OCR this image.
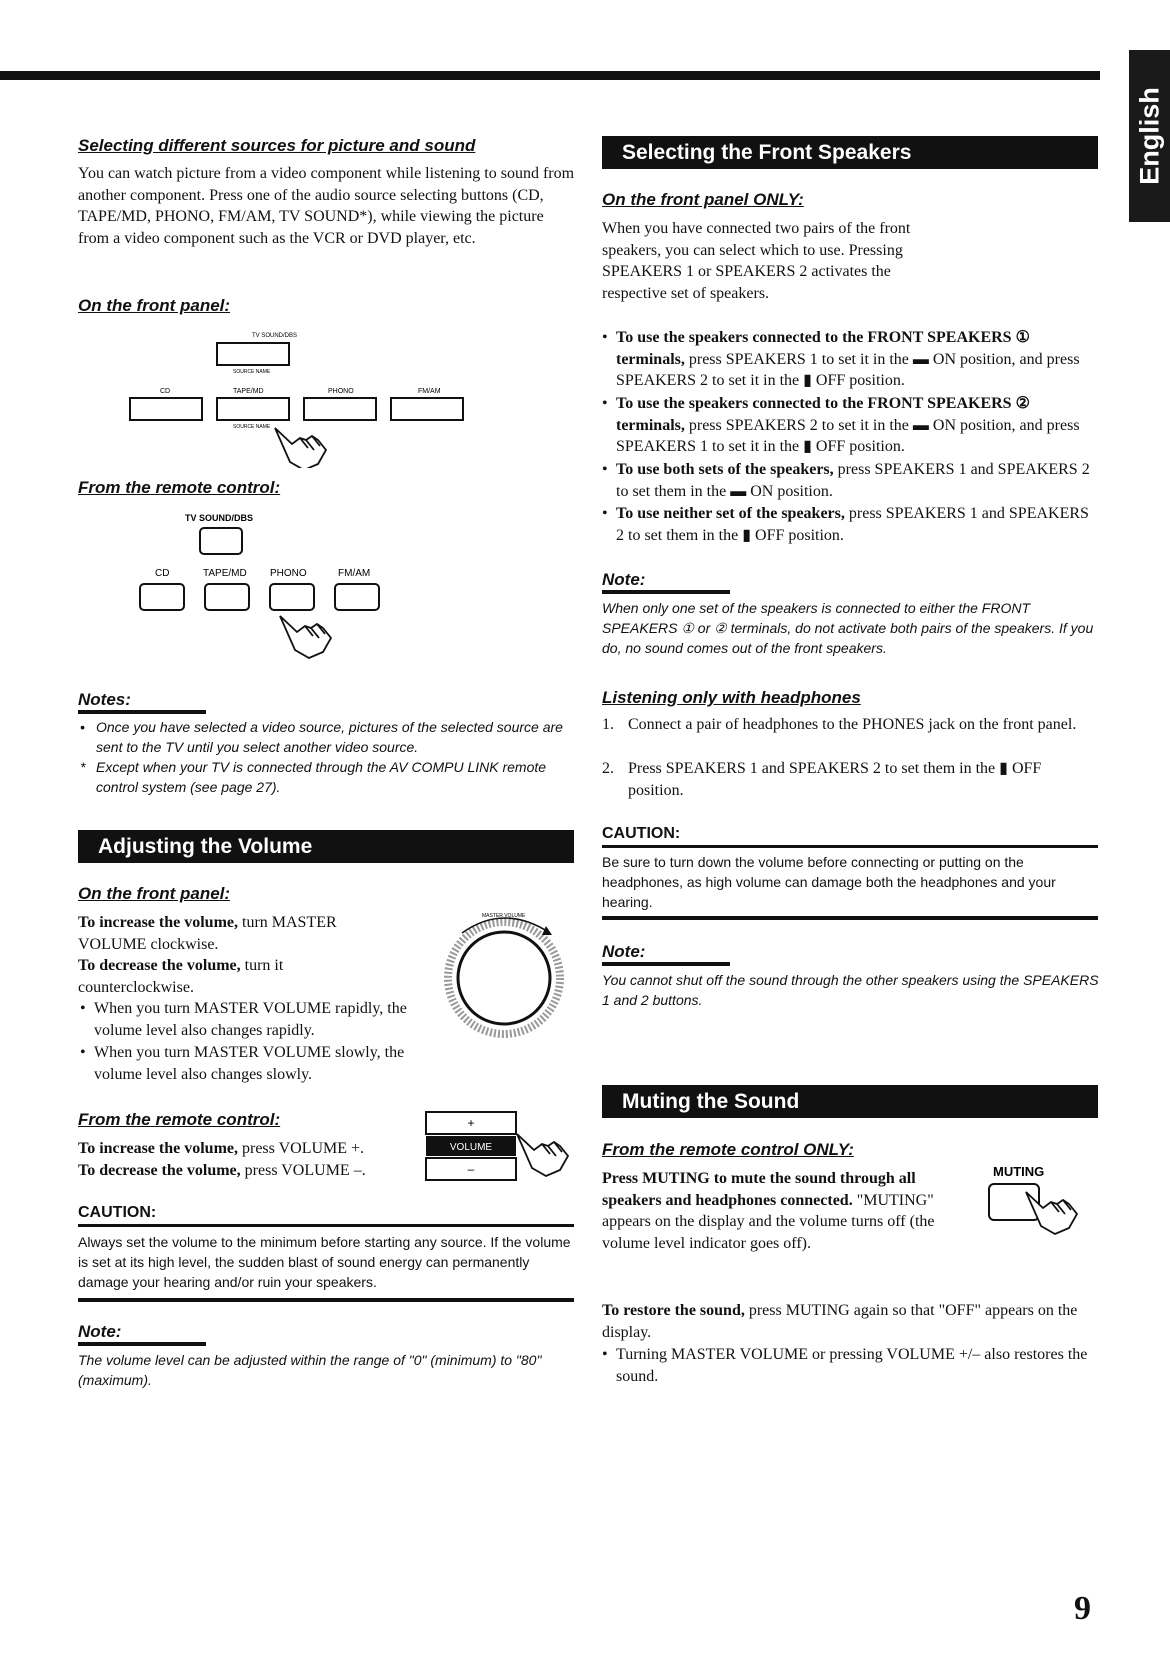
English
Selecting different sources for picture and sound

You can watch picture from a video component while listening to sound from another component. Press one of the audio source selecting buttons (CD, TAPE/MD, PHONO, FM/AM, TV SOUND*), while viewing the picture from a video component such as the VCR or DVD player, etc.

On the front panel:
TV SOUND/DBS
SOURCE NAME
CD	TAPE/MD	PHONO	FM/AM
SOURCE NAME
From the remote control:
TV SOUND/DBS
CD	TAPE/MD PHONO	FM/AM
Notes:

• Once you have selected a video source, pictures of the selected source are sent to the TV until you select another video source.

* Except when your TV is connected through the AV COMPU LINK remote control system (see page 27).

Adjusting the Volume
On the front panel:

To increase the volume, turn MASTER VOLUME clockwise.

To decrease the volume, turn it counterclockwise.

• When you turn MASTER VOLUME rapidly, the volume level also changes rapidly.

• When you turn MASTER VOLUME slowly, the volume level also changes slowly.

MASTER VOLUME
From the remote control:

To increase the volume, press VOLUME +.

To decrease the volume, press VOLUME –.

+
VOLUME
–
CAUTION:

Always set the volume to the minimum before starting any source. If the volume is set at its high level, the sudden blast of sound energy can permanently damage your hearing and/or ruin your speakers.

Note:

The volume level can be adjusted within the range of "0" (minimum) to "80" (maximum).

Selecting the Front Speakers
On the front panel ONLY:

When you have connected two pairs of the front speakers, you can select which to use. Pressing SPEAKERS 1 or SPEAKERS 2 activates the respective set of speakers.

• To use the speakers connected to the FRONT SPEAKERS ① terminals, press SPEAKERS 1 to set it in the ▬ ON position, and press SPEAKERS 2 to set it in the ▮ OFF position.

• To use the speakers connected to the FRONT SPEAKERS ② terminals, press SPEAKERS 2 to set it in the ▬ ON position, and press SPEAKERS 1 to set it in the ▮ OFF position.

• To use both sets of the speakers, press SPEAKERS 1 and SPEAKERS 2 to set them in the ▬ ON position.

• To use neither set of the speakers, press SPEAKERS 1 and SPEAKERS 2 to set them in the ▮ OFF position.

Note:

When only one set of the speakers is connected to either the FRONT SPEAKERS ① or ② terminals, do not activate both pairs of the speakers. If you do, no sound comes out of the front speakers.

Listening only with headphones

1. Connect a pair of headphones to the PHONES jack on the front panel.

2. Press SPEAKERS 1 and SPEAKERS 2 to set them in the ▮ OFF position.

CAUTION:

Be sure to turn down the volume before connecting or putting on the headphones, as high volume can damage both the headphones and your hearing.

Note:

You cannot shut off the sound through the other speakers using the SPEAKERS 1 and 2 buttons.

Muting the Sound
From the remote control ONLY:

Press MUTING to mute the sound through all speakers and headphones connected. "MUTING" appears on the display and the volume turns off (the volume level indicator goes off).

MUTING

To restore the sound, press MUTING again so that "OFF" appears on the display.

• Turning MASTER VOLUME or pressing VOLUME +/– also restores the sound.

9
